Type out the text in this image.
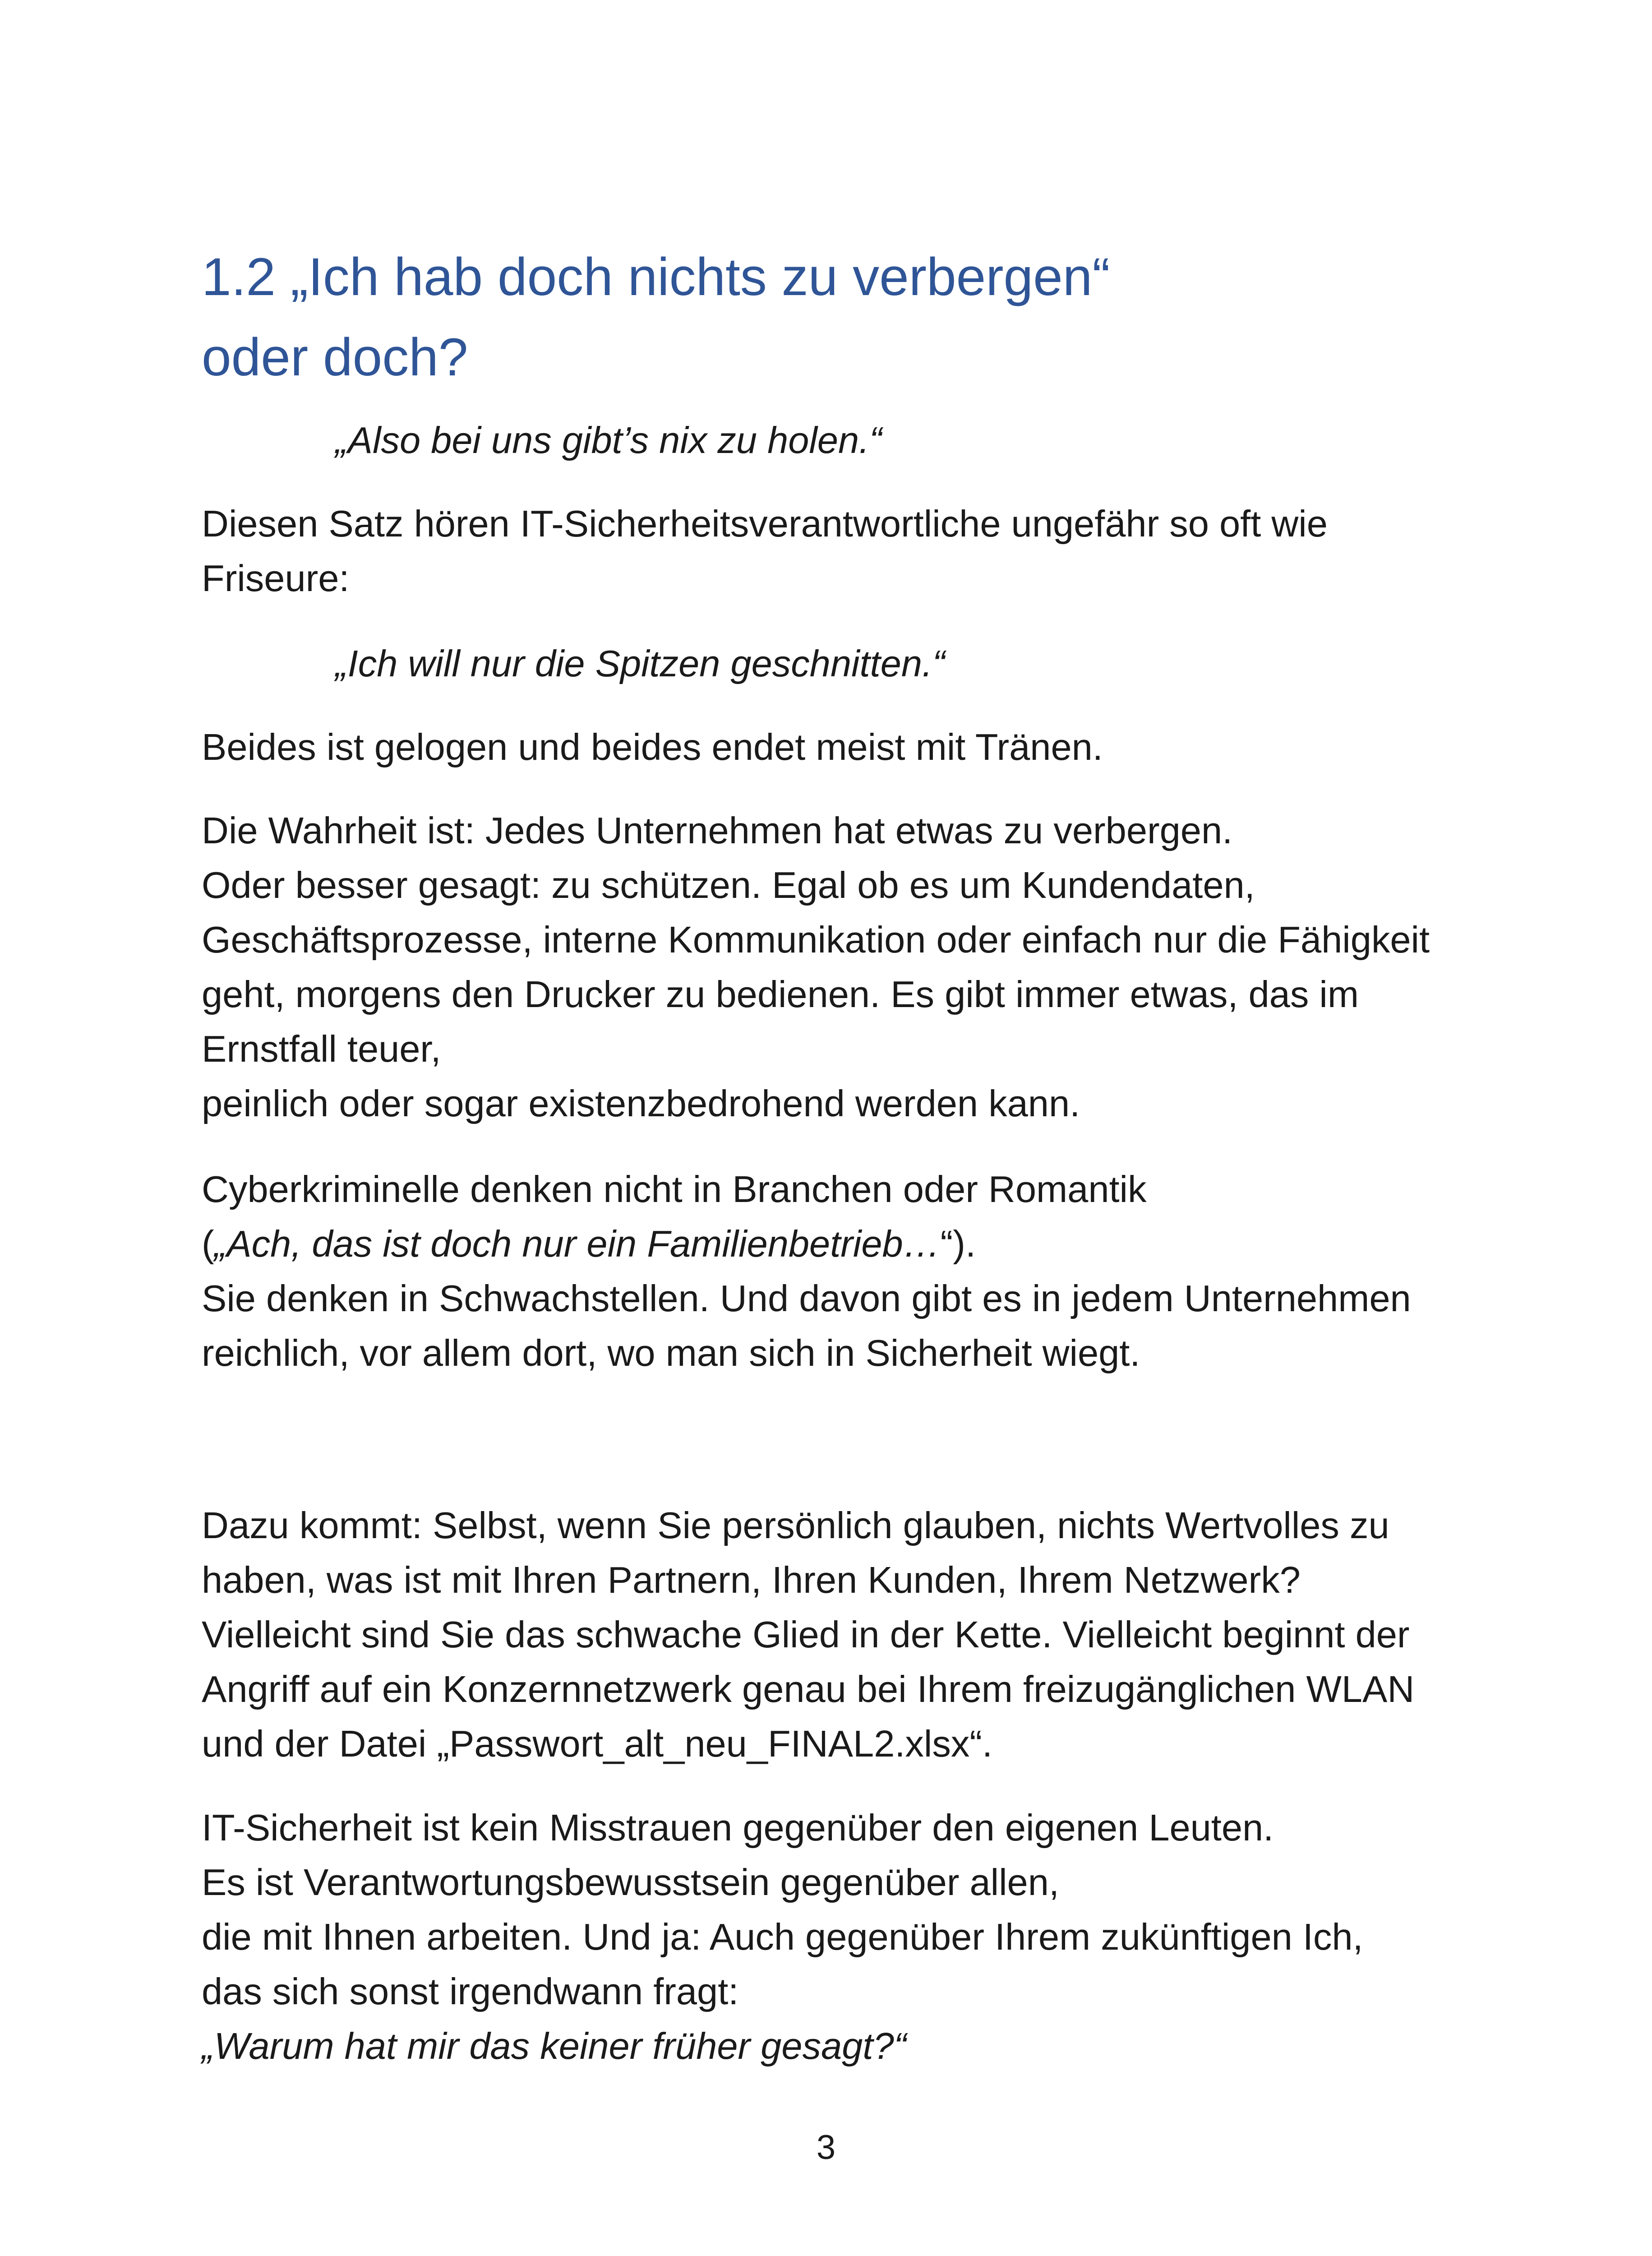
1.2 „Ich hab doch nichts zu verbergen“
oder doch?

„Also bei uns gibt’s nix zu holen.“

Diesen Satz hören IT-Sicherheitsverantwortliche ungefähr so oft wie
Friseure:

„Ich will nur die Spitzen geschnitten.“

Beides ist gelogen und beides endet meist mit Tränen.

Die Wahrheit ist: Jedes Unternehmen hat etwas zu verbergen.
Oder besser gesagt: zu schützen. Egal ob es um Kundendaten,
Geschäftsprozesse, interne Kommunikation oder einfach nur die Fähigkeit
geht, morgens den Drucker zu bedienen. Es gibt immer etwas, das im
Ernstfall teuer,
peinlich oder sogar existenzbedrohend werden kann.

Cyberkriminelle denken nicht in Branchen oder Romantik
(„Ach, das ist doch nur ein Familienbetrieb…“).
Sie denken in Schwachstellen. Und davon gibt es in jedem Unternehmen
reichlich, vor allem dort, wo man sich in Sicherheit wiegt.

Dazu kommt: Selbst, wenn Sie persönlich glauben, nichts Wertvolles zu
haben, was ist mit Ihren Partnern, Ihren Kunden, Ihrem Netzwerk?
Vielleicht sind Sie das schwache Glied in der Kette. Vielleicht beginnt der
Angriff auf ein Konzernnetzwerk genau bei Ihrem freizugänglichen WLAN
und der Datei „Passwort_alt_neu_FINAL2.xlsx“.

IT-Sicherheit ist kein Misstrauen gegenüber den eigenen Leuten.
Es ist Verantwortungsbewusstsein gegenüber allen,
die mit Ihnen arbeiten. Und ja: Auch gegenüber Ihrem zukünftigen Ich,
das sich sonst irgendwann fragt:
„Warum hat mir das keiner früher gesagt?“

3
